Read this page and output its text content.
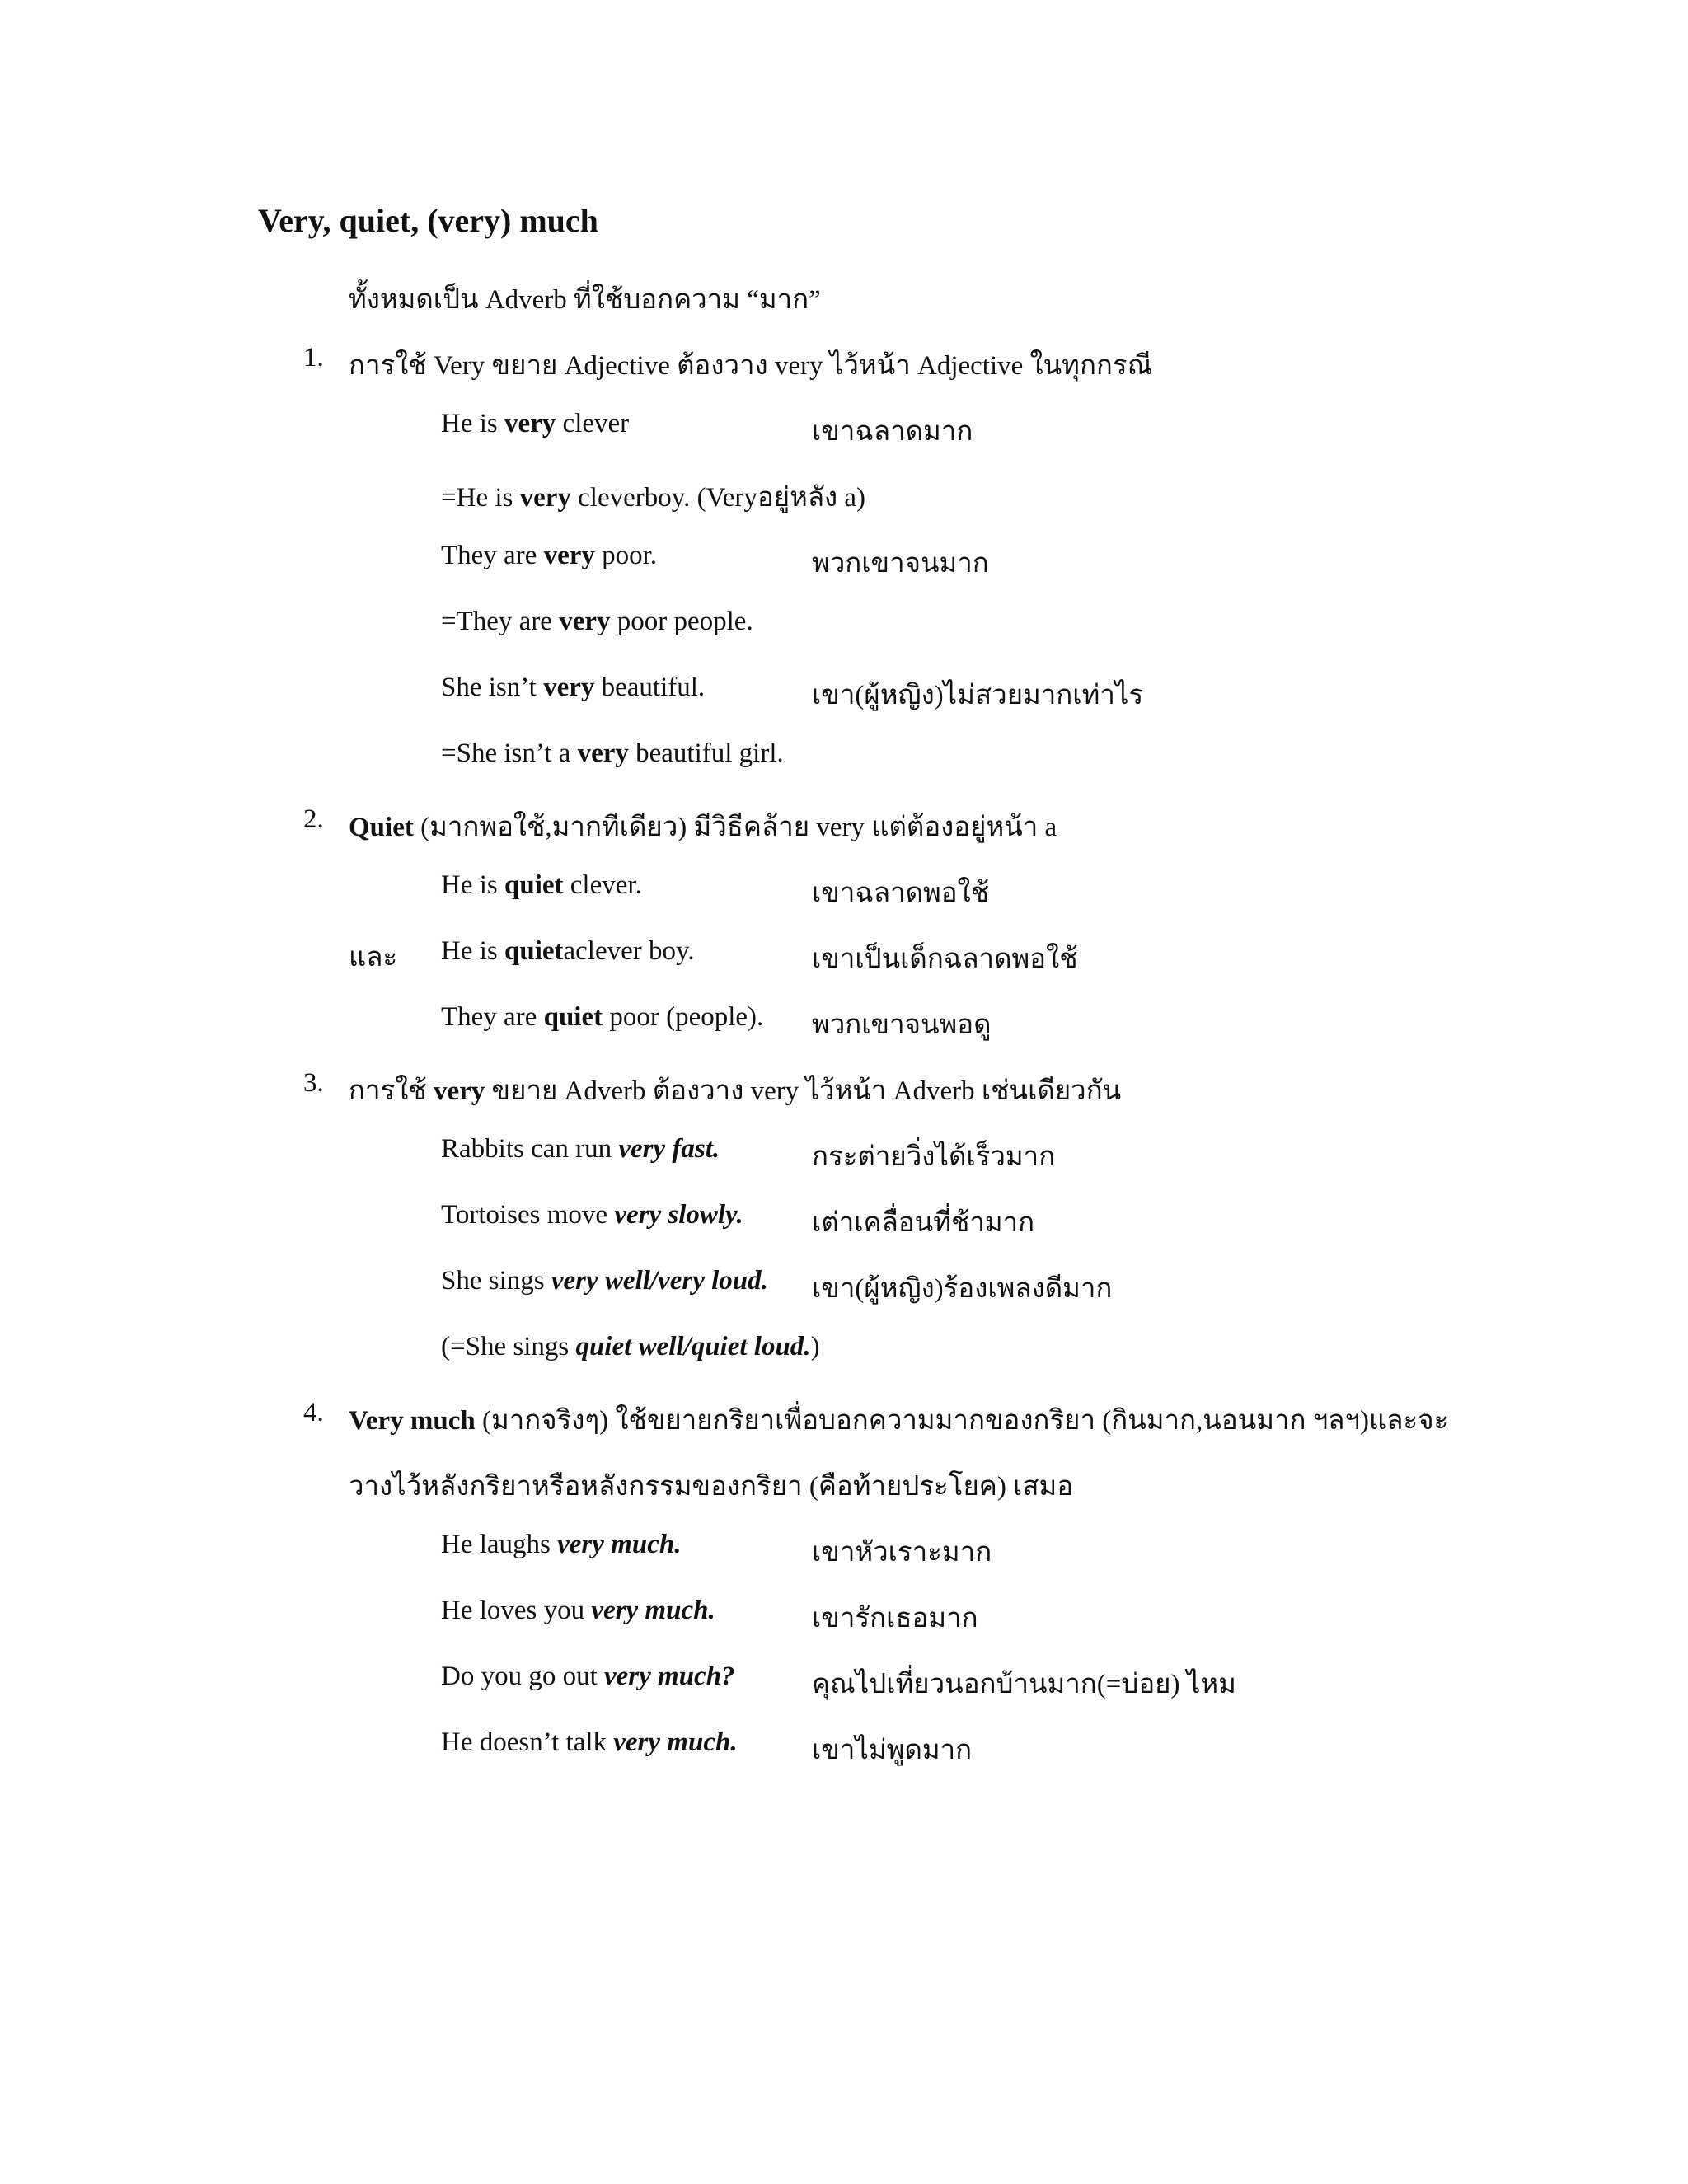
Very, quiet, (very) much
ทั้งหมดเป็น Adverb ที่ใช้บอกความ “มาก”
1. การใช้ Very ขยาย Adjective ต้องวาง very ไว้หน้า Adjective ในทุกกรณี
He is very clever	เขาฉลาดมาก
=He is very cleverboy. (Veryอยู่หลัง a)
They are very poor.	พวกเขาจนมาก
=They are very poor people.
She isn’t very beautiful.	เขา(ผู้หญิง)ไม่สวยมากเท่าไร
=She isn’t a very beautiful girl.
2. Quiet (มากพอใช้,มากทีเดียว) มีวิธีคล้าย very แต่ต้องอยู่หน้า a
He is quiet clever.	เขาฉลาดพอใช้
และ He is quietaclever boy.	เขาเป็นเด็กฉลาดพอใช้
They are quiet poor (people). พวกเขาจนพอดู
3. การใช้ very ขยาย Adverb ต้องวาง very ไว้หน้า Adverb เช่นเดียวกัน
Rabbits can run very fast.	กระต่ายวิ่งได้เร็วมาก
Tortoises move very slowly.	เต่าเคลื่อนที่ช้ามาก
She sings very well/very loud. เขา(ผู้หญิง)ร้องเพลงดีมาก
(=She sings quiet well/quiet loud.)
4. Very much (มากจริงๆ) ใช้ขยายกริยาเพื่อบอกความมากของกริยา (กินมาก,นอนมาก ฯลฯ)และจะ
วางไว้หลังกริยาหรือหลังกรรมของกริยา (คือท้ายประโยค) เสมอ
He laughs very much.	เขาหัวเราะมาก
He loves you very much.	เขารักเธอมาก
Do you go out very much?	คุณไปเที่ยวนอกบ้านมาก(=บ่อย) ไหม
He doesn’t talk very much.	เขาไม่พูดมาก
